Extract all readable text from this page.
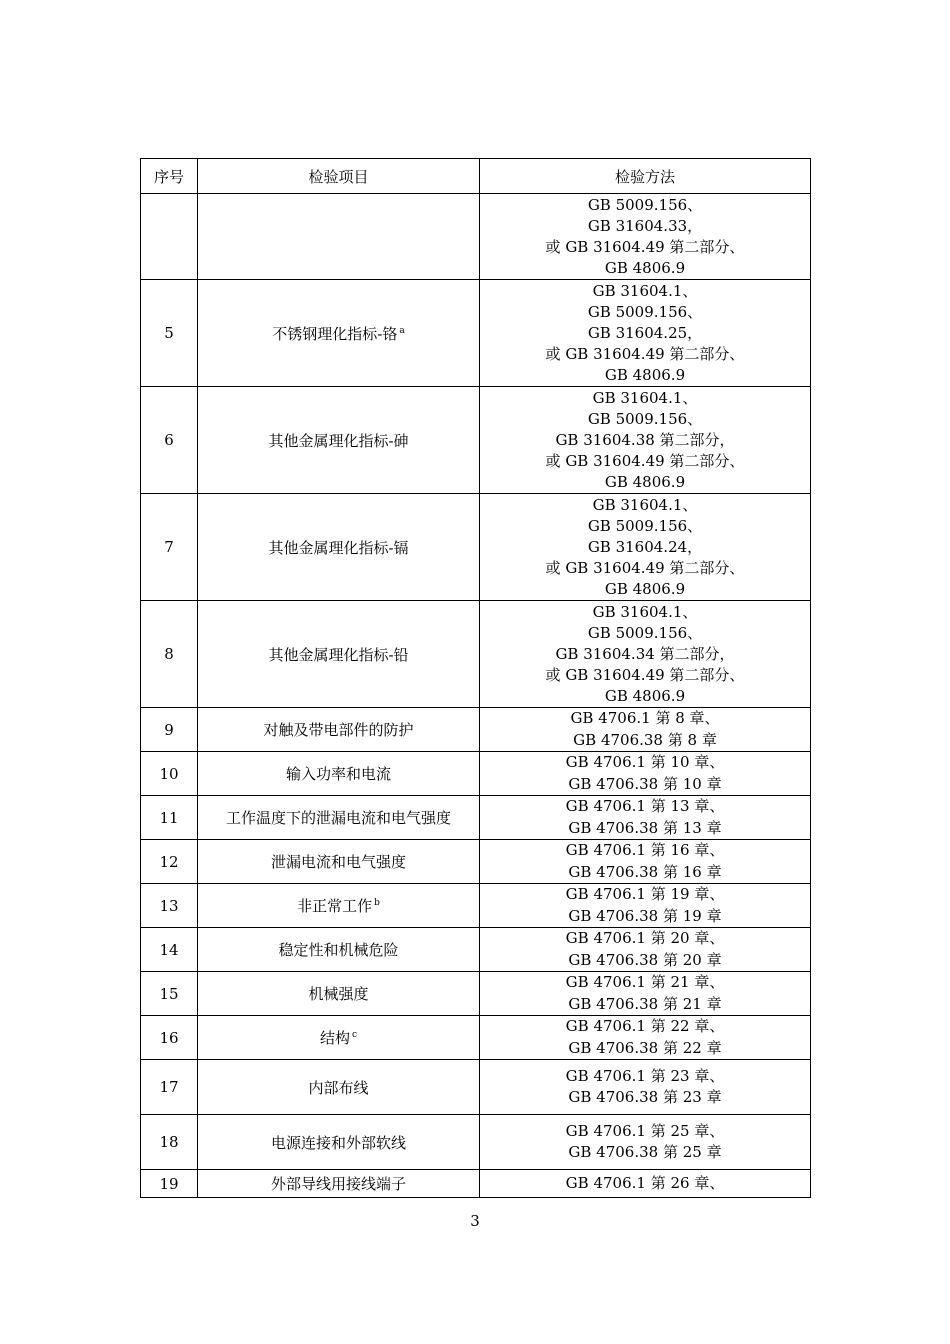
序号	检验项目	检验方法

		GB 5009.156、
GB 31604.33，
或 GB 31604.49 第二部分、
GB 4806.9

5	不锈钢理化指标-铬 $^a$	GB 31604.1、
GB 5009.156、
GB 31604.25，
或 GB 31604.49 第二部分、
GB 4806.9

6	其他金属理化指标-砷	GB 31604.1、
GB 5009.156、
GB 31604.38 第二部分，
或 GB 31604.49 第二部分、
GB 4806.9

7	其他金属理化指标-镉	GB 31604.1、
GB 5009.156、
GB 31604.24，
或 GB 31604.49 第二部分、
GB 4806.9

8	其他金属理化指标-铅	GB 31604.1、
GB 5009.156、
GB 31604.34 第二部分，
或 GB 31604.49 第二部分、
GB 4806.9

9	对触及带电部件的防护	GB 4706.1 第 8 章、
GB 4706.38 第 8 章

10	输入功率和电流	GB 4706.1 第 10 章、
GB 4706.38 第 10 章

11	工作温度下的泄漏电流和电气强度	GB 4706.1 第 13 章、
GB 4706.38 第 13 章

12	泄漏电流和电气强度	GB 4706.1 第 16 章、
GB 4706.38 第 16 章

13	非正常工作 $^b$	GB 4706.1 第 19 章、
GB 4706.38 第 19 章

14	稳定性和机械危险	GB 4706.1 第 20 章、
GB 4706.38 第 20 章

15	机械强度	GB 4706.1 第 21 章、
GB 4706.38 第 21 章

16	结构 $^c$	GB 4706.1 第 22 章、
GB 4706.38 第 22 章

17	内部布线	GB 4706.1 第 23 章、
GB 4706.38 第 23 章

18	电源连接和外部软线	GB 4706.1 第 25 章、
GB 4706.38 第 25 章

19	外部导线用接线端子	GB 4706.1 第 26 章、
3
